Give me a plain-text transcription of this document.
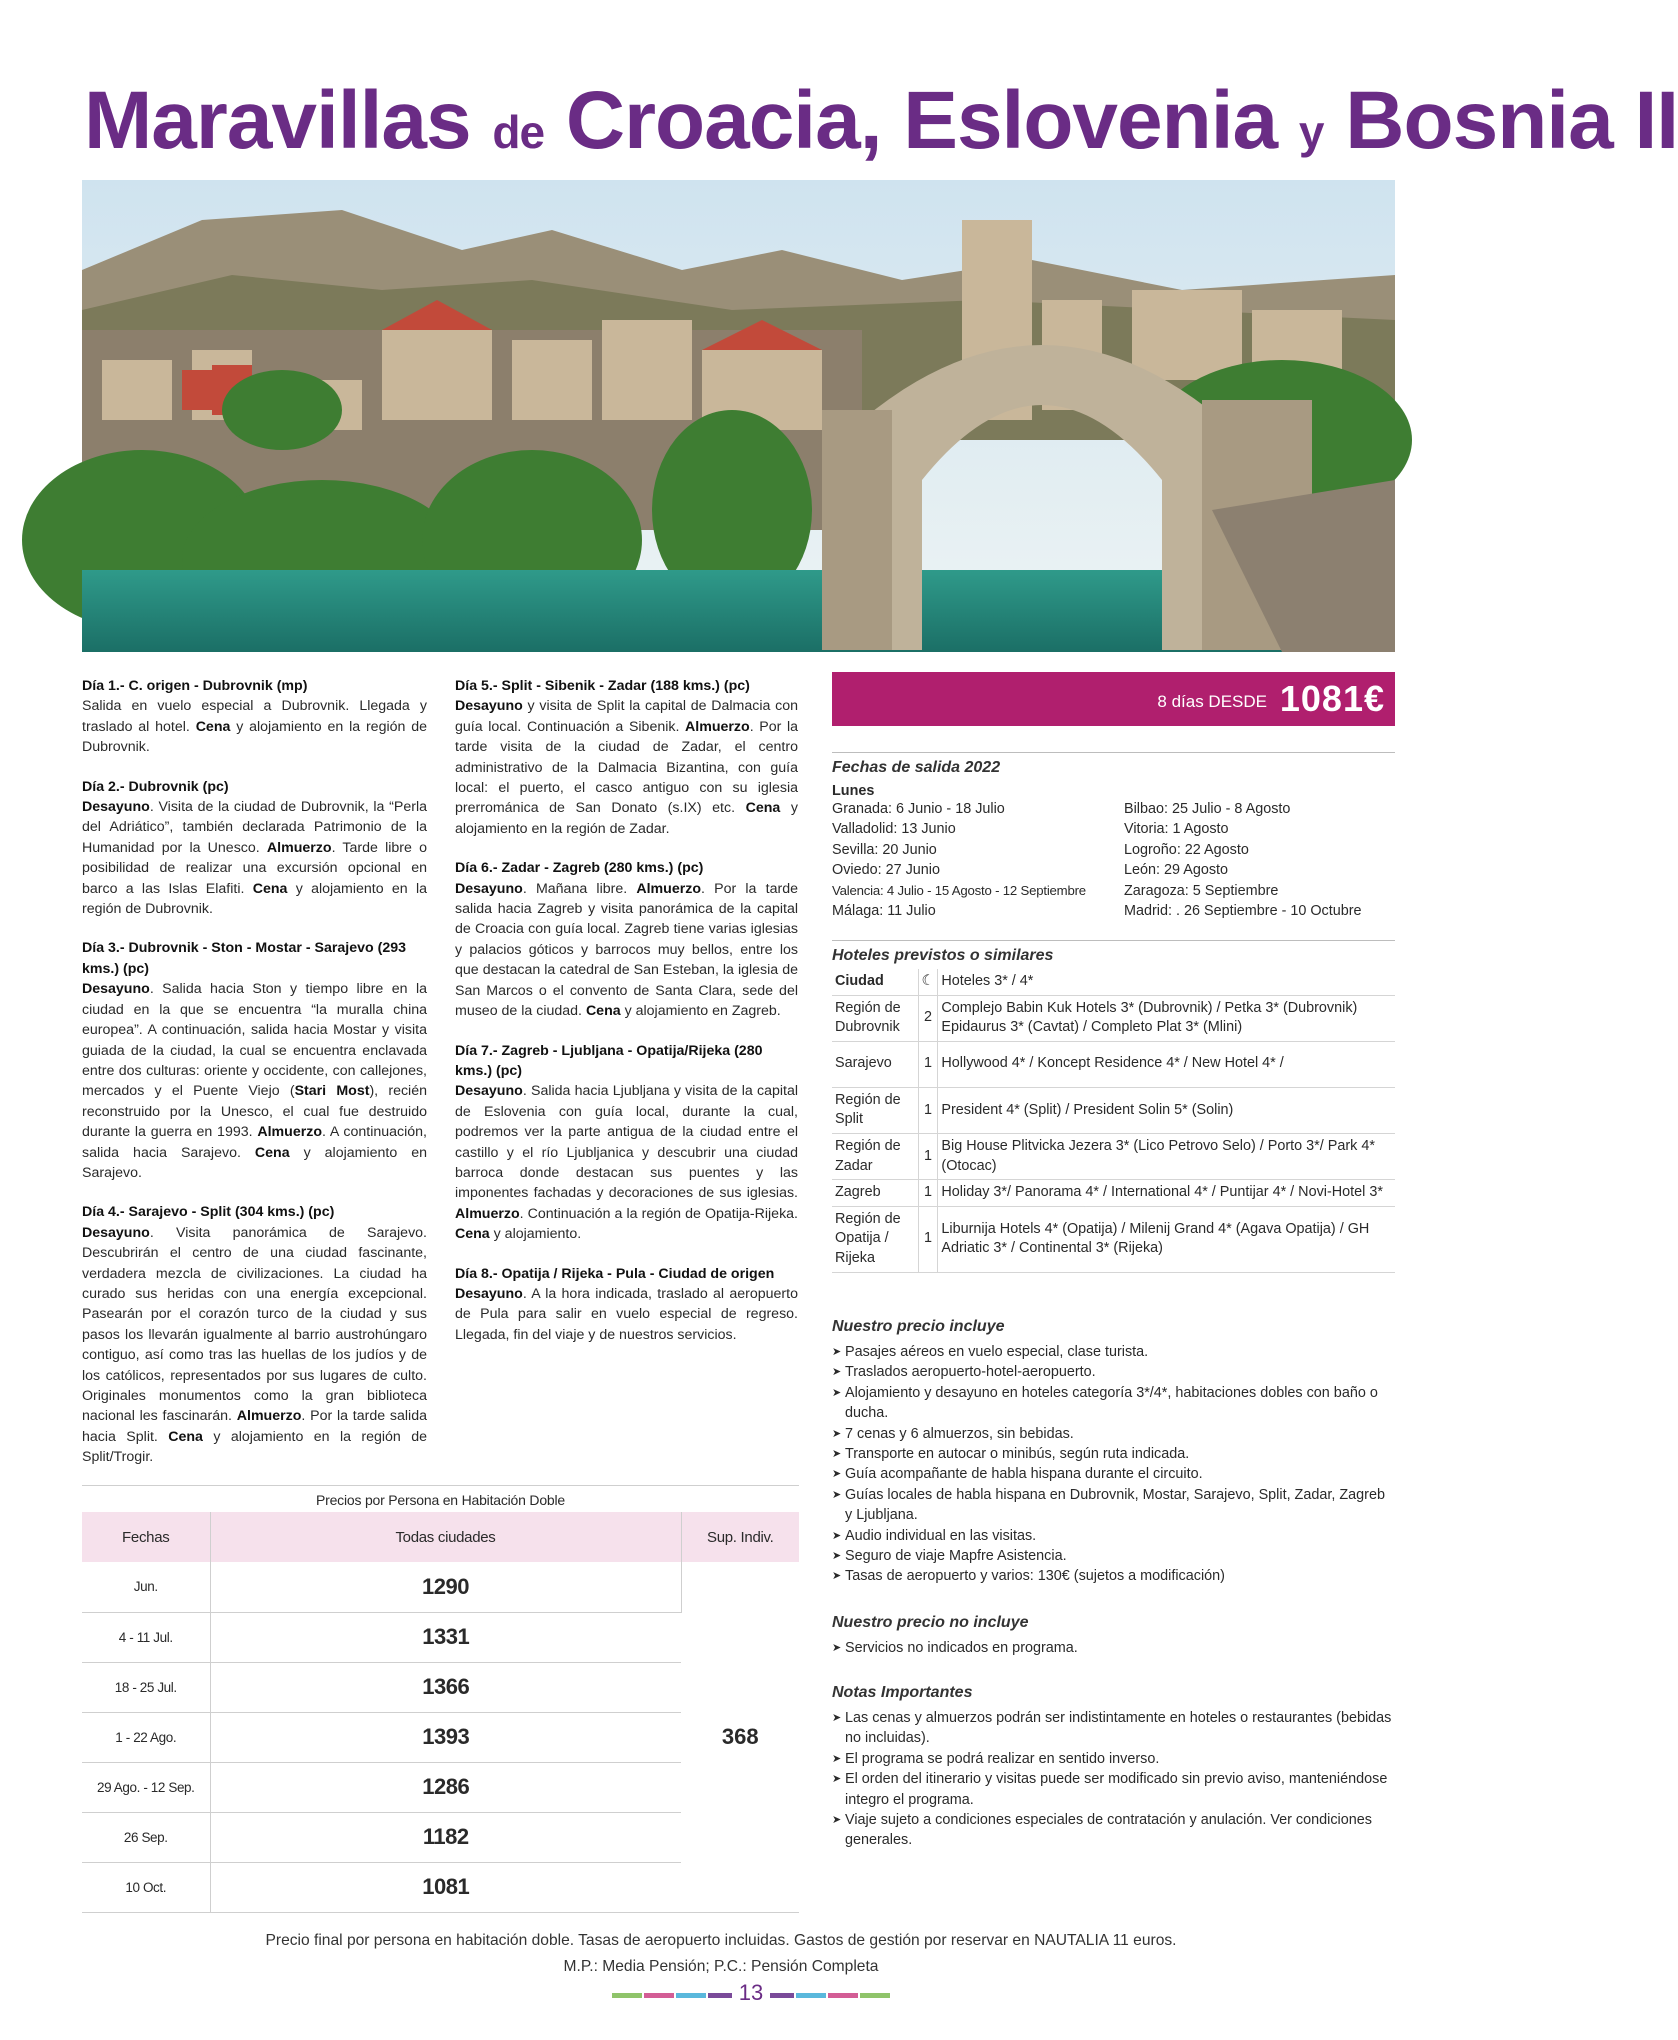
Maravillas de Croacia, Eslovenia y Bosnia II
Día 1.- C. origen - Dubrovnik (mp)
Salida en vuelo especial a Dubrovnik. Llegada y traslado al hotel. Cena y alojamiento en la región de Dubrovnik.
Día 2.- Dubrovnik (pc)
Desayuno. Visita de la ciudad de Dubrovnik, la “Perla del Adriático”, también declarada Patrimonio de la Humanidad por la Unesco. Almuerzo. Tarde libre o posibilidad de realizar una excursión opcional en barco a las Islas Elafiti. Cena y alojamiento en la región de Dubrovnik.
Día 3.- Dubrovnik - Ston - Mostar - Sarajevo (293 kms.) (pc)
Desayuno. Salida hacia Ston y tiempo libre en la ciudad en la que se encuentra “la muralla china europea”. A continuación, salida hacia Mostar y visita guiada de la ciudad, la cual se encuentra enclavada entre dos culturas: oriente y occidente, con callejones, mercados y el Puente Viejo (Stari Most), recién reconstruido por la Unesco, el cual fue destruido durante la guerra en 1993. Almuerzo. A continuación, salida hacia Sarajevo. Cena y alojamiento en Sarajevo.
Día 4.- Sarajevo - Split (304 kms.) (pc)
Desayuno. Visita panorámica de Sarajevo. Descubrirán el centro de una ciudad fascinante, verdadera mezcla de civilizaciones. La ciudad ha curado sus heridas con una energía excepcional. Pasearán por el corazón turco de la ciudad y sus pasos los llevarán igualmente al barrio austrohúngaro contiguo, así como tras las huellas de los judíos y de los católicos, representados por sus lugares de culto. Originales monumentos como la gran biblioteca nacional les fascinarán. Almuerzo. Por la tarde salida hacia Split. Cena y alojamiento en la región de Split/Trogir.
Día 5.- Split - Sibenik - Zadar (188 kms.) (pc)
Desayuno y visita de Split la capital de Dalmacia con guía local. Continuación a Sibenik. Almuerzo. Por la tarde visita de la ciudad de Zadar, el centro administrativo de la Dalmacia Bizantina, con guía local: el puerto, el casco antiguo con su iglesia prerrománica de San Donato (s.IX) etc. Cena y alojamiento en la región de Zadar.
Día 6.- Zadar - Zagreb (280 kms.) (pc)
Desayuno. Mañana libre. Almuerzo. Por la tarde salida hacia Zagreb y visita panorámica de la capital de Croacia con guía local. Zagreb tiene varias iglesias y palacios góticos y barrocos muy bellos, entre los que destacan la catedral de San Esteban, la iglesia de San Marcos o el convento de Santa Clara, sede del museo de la ciudad. Cena y alojamiento en Zagreb.
Día 7.- Zagreb - Ljubljana - Opatija/Rijeka (280 kms.) (pc)
Desayuno. Salida hacia Ljubljana y visita de la capital de Eslovenia con guía local, durante la cual, podremos ver la parte antigua de la ciudad entre el castillo y el río Ljubljanica y descubrir una ciudad barroca donde destacan sus puentes y las imponentes fachadas y decoraciones de sus iglesias. Almuerzo. Continuación a la región de Opatija-Rijeka. Cena y alojamiento.
Día 8.- Opatija / Rijeka - Pula - Ciudad de origen
Desayuno. A la hora indicada, traslado al aeropuerto de Pula para salir en vuelo especial de regreso. Llegada, fin del viaje y de nuestros servicios.
8 días DESDE 1081€
Fechas de salida 2022
Lunes
Granada: 6 Junio - 18 Julio
Valladolid: 13 Junio
Sevilla: 20 Junio
Oviedo: 27 Junio
Valencia: 4 Julio - 15 Agosto - 12 Septiembre
Málaga: 11 Julio
Bilbao: 25 Julio - 8 Agosto
Vitoria: 1 Agosto
Logroño: 22 Agosto
León: 29 Agosto
Zaragoza: 5 Septiembre
Madrid: . 26 Septiembre - 10 Octubre
Hoteles previstos o similares
Ciudad	☾	Hoteles 3* / 4*
Región de Dubrovnik	2	Complejo Babin Kuk Hotels 3* (Dubrovnik) / Petka 3* (Dubrovnik) Epidaurus 3* (Cavtat) / Completo Plat 3* (Mlini)
Sarajevo	1	Hollywood 4* / Koncept Residence 4* / New Hotel 4* /
Región de Split	1	President 4* (Split) / President Solin 5* (Solin)
Región de Zadar	1	Big House Plitvicka Jezera 3* (Lico Petrovo Selo) / Porto 3*/ Park 4* (Otocac)
Zagreb	1	Holiday 3*/ Panorama 4* / International 4* / Puntijar 4* / Novi-Hotel 3*
Región de Opatija / Rijeka	1	Liburnija Hotels 4* (Opatija) / Milenij Grand 4* (Agava Opatija) / GH Adriatic 3* / Continental 3* (Rijeka)
Nuestro precio incluye
➤ Pasajes aéreos en vuelo especial, clase turista.
➤ Traslados aeropuerto-hotel-aeropuerto.
➤ Alojamiento y desayuno en hoteles categoría 3*/4*, habitaciones dobles con baño o ducha.
➤ 7 cenas y 6 almuerzos, sin bebidas.
➤ Transporte en autocar o minibús, según ruta indicada.
➤ Guía acompañante de habla hispana durante el circuito.
➤ Guías locales de habla hispana en Dubrovnik, Mostar, Sarajevo, Split, Zadar, Zagreb y Ljubljana.
➤ Audio individual en las visitas.
➤ Seguro de viaje Mapfre Asistencia.
➤ Tasas de aeropuerto y varios: 130€ (sujetos a modificación)
Nuestro precio no incluye
➤ Servicios no indicados en programa.
Notas Importantes
➤ Las cenas y almuerzos podrán ser indistintamente en hoteles o restaurantes (bebidas no incluidas).
➤ El programa se podrá realizar en sentido inverso.
➤ El orden del itinerario y visitas puede ser modificado sin previo aviso, manteniéndose integro el programa.
➤ Viaje sujeto a condiciones especiales de contratación y anulación. Ver condiciones generales.
Precios por Persona en Habitación Doble
Fechas	Todas ciudades	Sup. Indiv.
Jun.	1290	368
4 - 11 Jul.	1331	
18 - 25 Jul.	1366	
1 - 22 Ago.	1393	
29 Ago. - 12 Sep.	1286	
26 Sep.	1182	
10 Oct.	1081	
Precio final por persona en habitación doble. Tasas de aeropuerto incluidas. Gastos de gestión por reservar en NAUTALIA 11 euros.
M.P.: Media Pensión; P.C.: Pensión Completa
13
